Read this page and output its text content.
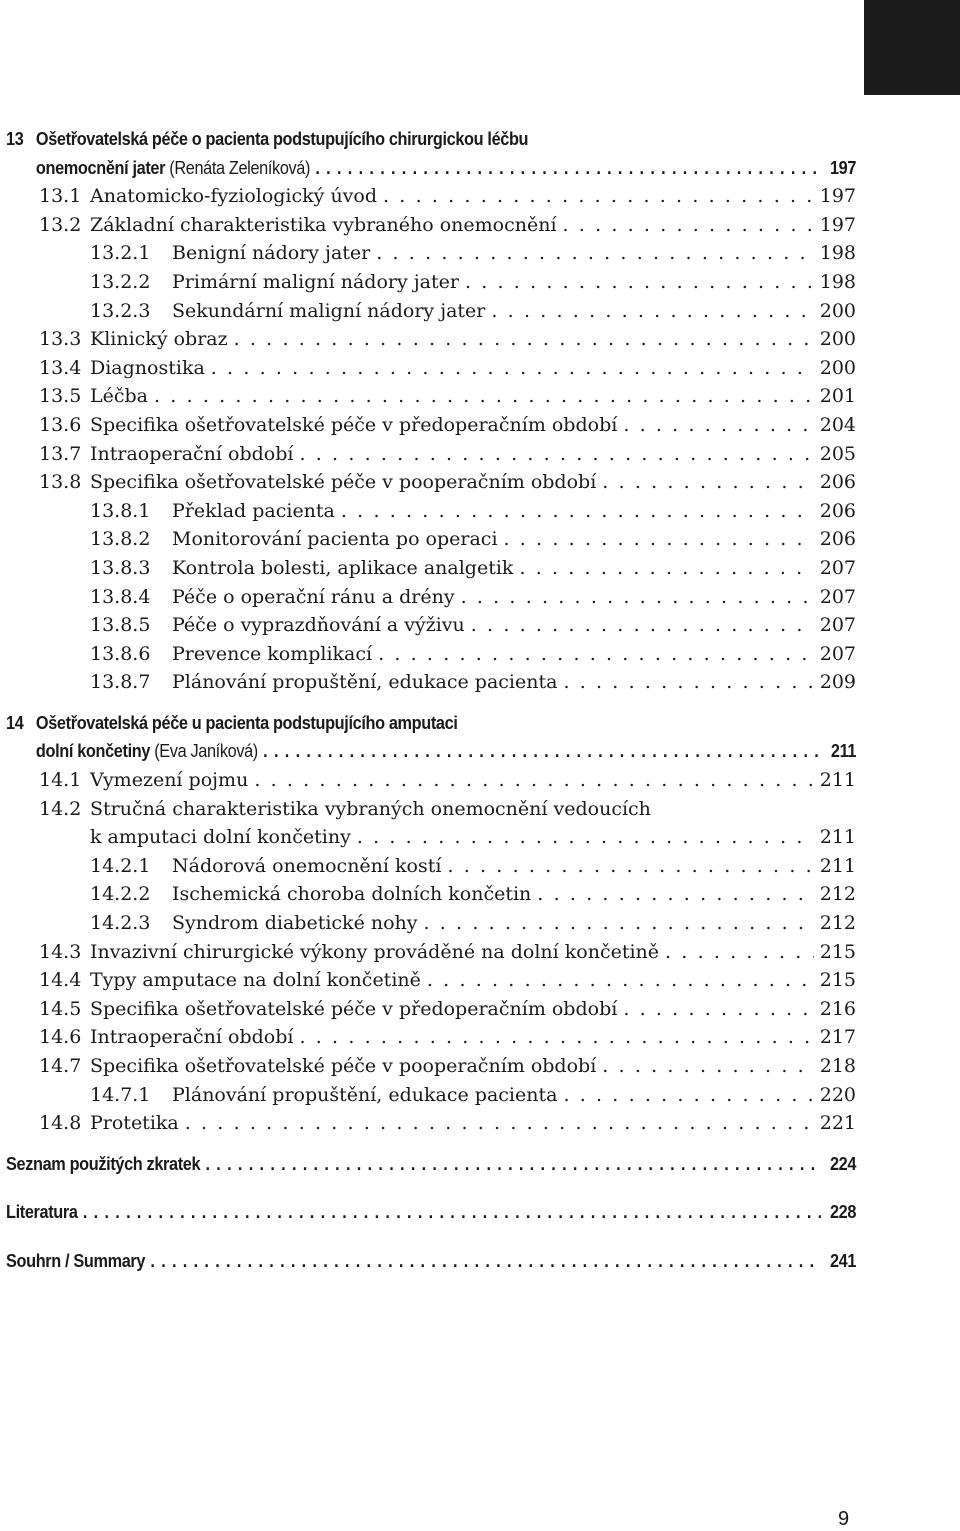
13 Ošetřovatelská péče o pacienta podstupujícího chirurgickou léčbu
onemocnění jater (Renáta Zeleníková) . . .	197
13.1 Anatomicko-fyziologický úvod . . .	197
13.2 Základní charakteristika vybraného onemocnění . . .	197
13.2.1	Benigní nádory jater . . .	198
13.2.2	Primární maligní nádory jater . . .	198
13.2.3	Sekundární maligní nádory jater . . .	200
13.3 Klinický obraz . . .	200
13.4 Diagnostika . . .	200
13.5 Léčba . . .	201
13.6 Specifika ošetřovatelské péče v předoperačním období . . .	204
13.7 Intraoperační období . . .	205
13.8 Specifika ošetřovatelské péče v pooperačním období . . .	206
13.8.1	Překlad pacienta . . .	206
13.8.2	Monitorování pacienta po operaci . . .	206
13.8.3	Kontrola bolesti, aplikace analgetik . . .	207
13.8.4	Péče o operační ránu a drény . . .	207
13.8.5	Péče o vyprazdňování a výživu . . .	207
13.8.6	Prevence komplikací . . .	207
13.8.7	Plánování propuštění, edukace pacienta . . .	209
14 Ošetřovatelská péče u pacienta podstupujícího amputaci
dolní končetiny (Eva Janíková) . . .	211
14.1 Vymezení pojmu . . .	211
14.2 Stručná charakteristika vybraných onemocnění vedoucích
k amputaci dolní končetiny . . .	211
14.2.1	Nádorová onemocnění kostí . . .	211
14.2.2	Ischemická choroba dolních končetin . . .	212
14.2.3	Syndrom diabetické nohy . . .	212
14.3 Invazivní chirurgické výkony prováděné na dolní končetině . . .	215
14.4 Typy amputace na dolní končetině . . .	215
14.5 Specifika ošetřovatelské péče v předoperačním období . . .	216
14.6 Intraoperační období . . .	217
14.7 Specifika ošetřovatelské péče v pooperačním období . . .	218
14.7.1	Plánování propuštění, edukace pacienta . . .	220
14.8 Protetika . . .	221
Seznam použitých zkratek . . .	224
Literatura . . .	228
Souhrn / Summary . . .	241
9
